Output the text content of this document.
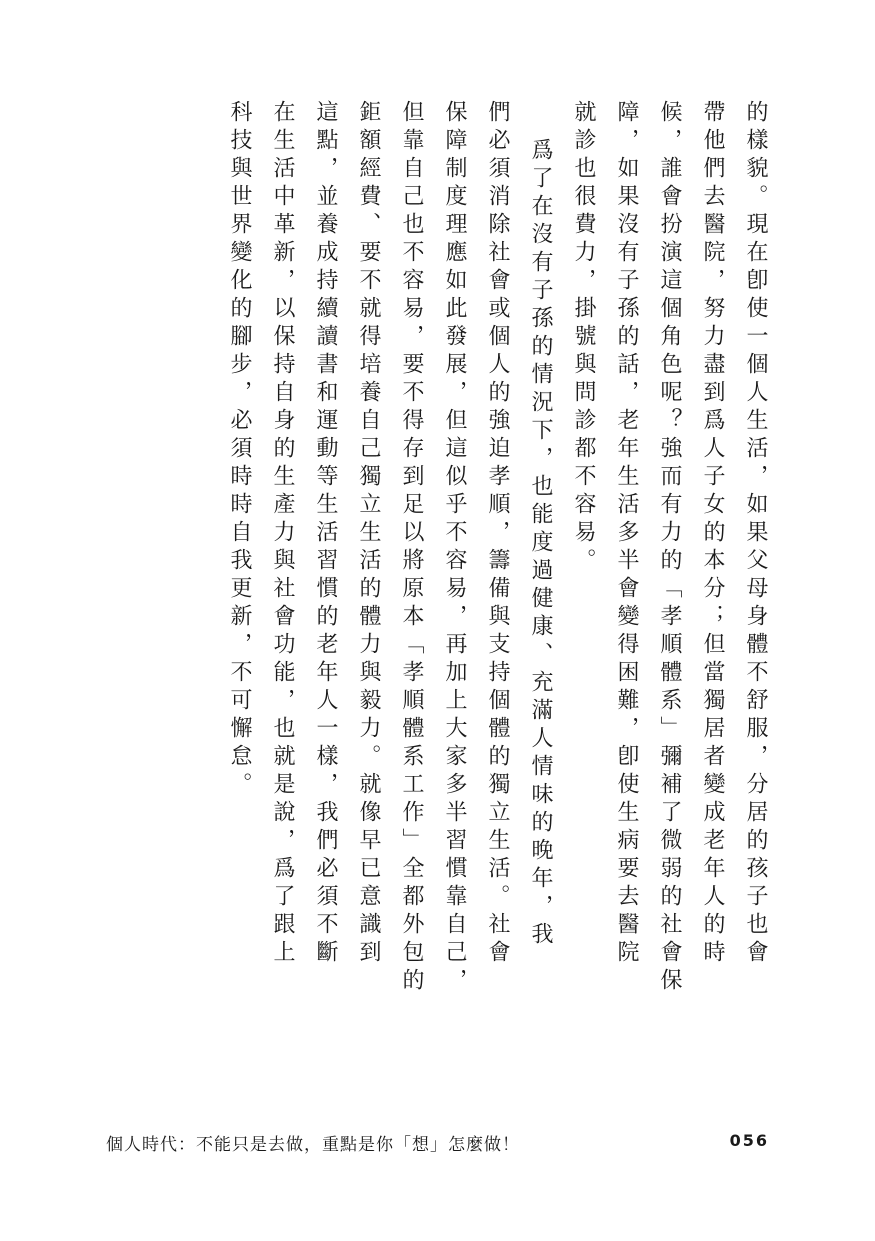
的樣貌。現在卽使一個人生活，如果父母身體不舒服，分居的孩子也會
帶他們去醫院，努力盡到爲人子女的本分；但當獨居者變成老年人的時
候，誰會扮演這個角色呢？強而有力的「孝順體系」彌補了微弱的社會保
障，如果沒有子孫的話，老年生活多半會變得困難，卽使生病要去醫院
就診也很費力，掛號與問診都不容易。
爲了在沒有子孫的情況下，也能度過健康、充滿人情味的晚年，我
們必須消除社會或個人的強迫孝順，籌備與支持個體的獨立生活。社會
保障制度理應如此發展，但這似乎不容易，再加上大家多半習慣靠自己，
但靠自己也不容易，要不得存到足以將原本「孝順體系工作」全都外包的
鉅額經費、要不就得培養自己獨立生活的體力與毅力。就像早已意識到
這點，並養成持續讀書和運動等生活習慣的老年人一樣，我們必須不斷
在生活中革新，以保持自身的生產力與社會功能，也就是說，爲了跟上
科技與世界變化的腳步，必須時時自我更新，不可懈怠。
個人時代：不能只是去做，重點是你「想」怎麼做！	056
